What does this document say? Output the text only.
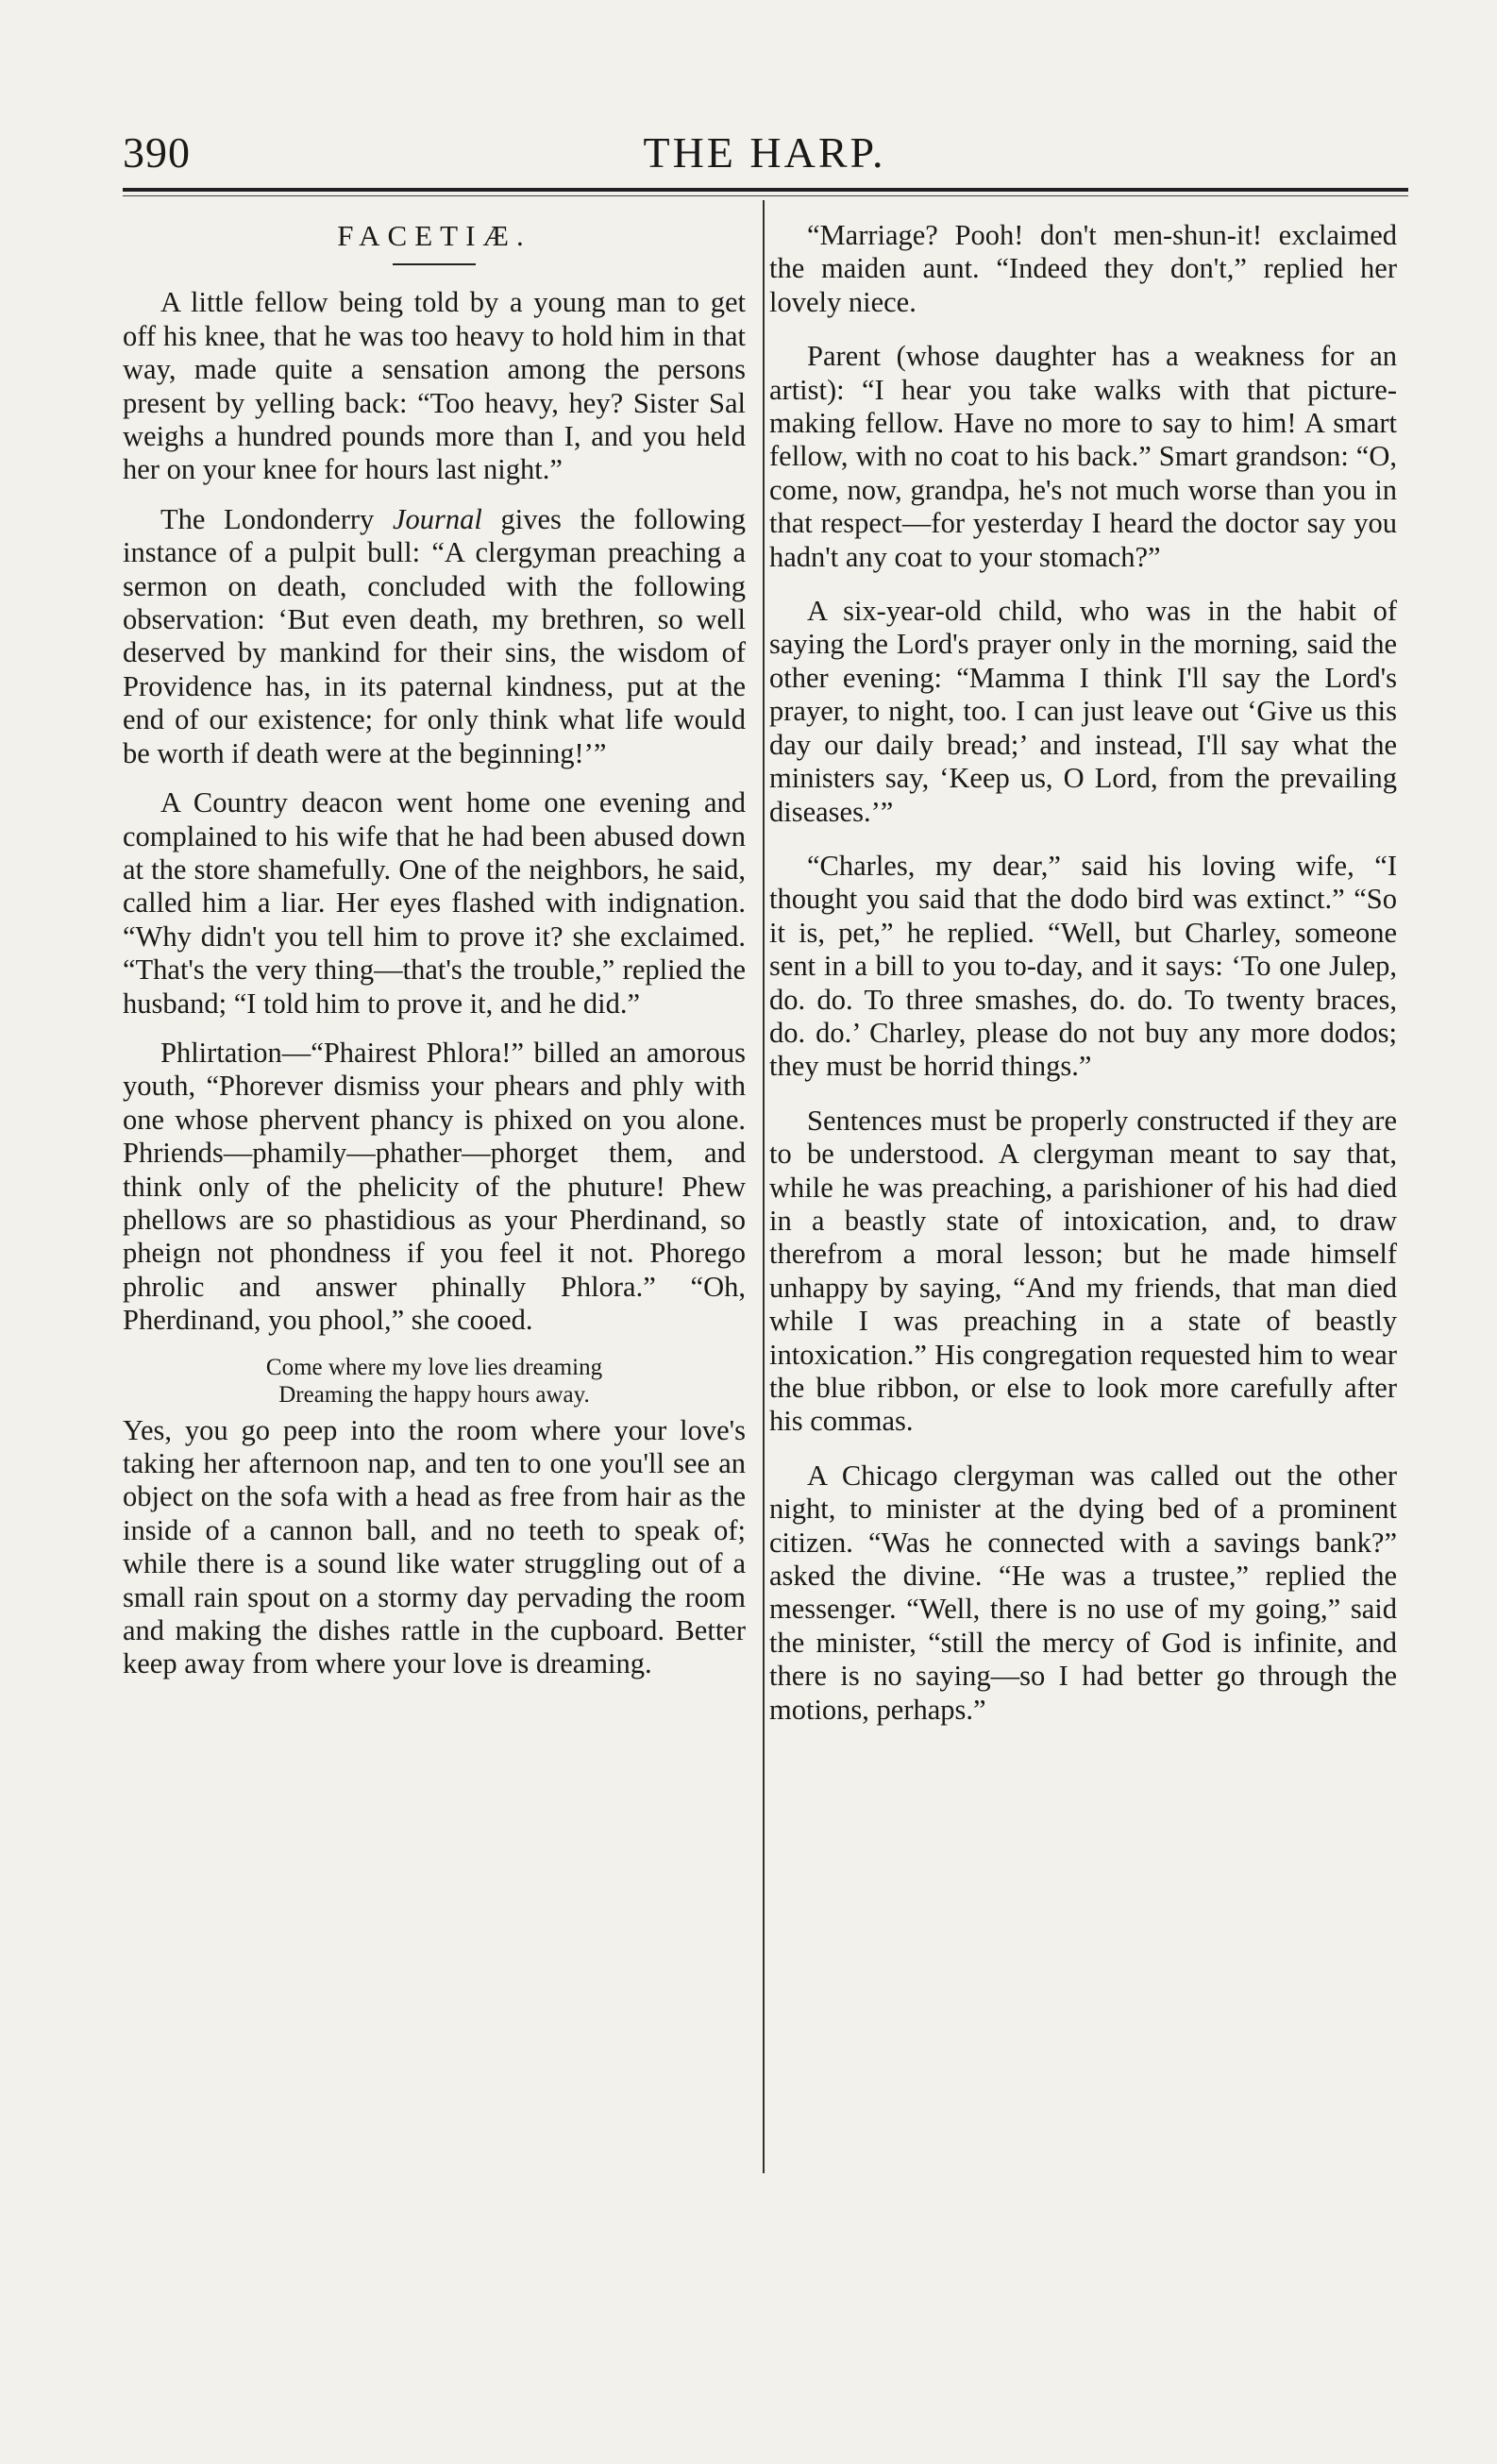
390	THE HARP.
FACETIÆ.

A little fellow being told by a young man to get off his knee, that he was too heavy to hold him in that way, made quite a sensation among the persons present by yelling back: “Too heavy, hey? Sister Sal weighs a hundred pounds more than I, and you held her on your knee for hours last night.”

The Londonderry Journal gives the following instance of a pulpit bull: “A clergyman preaching a sermon on death, concluded with the following observation: ‘But even death, my brethren, so well deserved by mankind for their sins, the wisdom of Providence has, in its paternal kindness, put at the end of our existence; for only think what life would be worth if death were at the beginning!’”

A Country deacon went home one evening and complained to his wife that he had been abused down at the store shamefully. One of the neighbors, he said, called him a liar. Her eyes flashed with indignation. “Why didn't you tell him to prove it? she exclaimed. “That's the very thing—that's the trouble,” replied the husband; “I told him to prove it, and he did.”

Phlirtation—“Phairest Phlora!” billed an amorous youth, “Phorever dismiss your phears and phly with one whose phervent phancy is phixed on you alone. Phriends—phamily—phather—phorget them, and think only of the phelicity of the phuture! Phew phellows are so phastidious as your Pherdinand, so pheign not phondness if you feel it not. Phorego phrolic and answer phinally Phlora.” “Oh, Pherdinand, you phool,” she cooed.

Come where my love lies dreaming
Dreaming the happy hours away.

Yes, you go peep into the room where your love's taking her afternoon nap, and ten to one you'll see an object on the sofa with a head as free from hair as the inside of a cannon ball, and no teeth to speak of; while there is a sound like water struggling out of a small rain spout on a stormy day pervading the room and making the dishes rattle in the cupboard. Better keep away from where your love is dreaming.

“Marriage? Pooh! don't men-shun-it! exclaimed the maiden aunt. “Indeed they don't,” replied her lovely niece.

Parent (whose daughter has a weakness for an artist): “I hear you take walks with that picture-making fellow. Have no more to say to him! A smart fellow, with no coat to his back.” Smart grandson: “O, come, now, grandpa, he's not much worse than you in that respect—for yesterday I heard the doctor say you hadn't any coat to your stomach?”

A six-year-old child, who was in the habit of saying the Lord's prayer only in the morning, said the other evening: “Mamma I think I'll say the Lord's prayer, to night, too. I can just leave out ‘Give us this day our daily bread;’ and instead, I'll say what the ministers say, ‘Keep us, O Lord, from the prevailing diseases.’”

“Charles, my dear,” said his loving wife, “I thought you said that the dodo bird was extinct.” “So it is, pet,” he replied. “Well, but Charley, someone sent in a bill to you to-day, and it says: ‘To one Julep, do. do. To three smashes, do. do. To twenty braces, do. do.’ Charley, please do not buy any more dodos; they must be horrid things.”

Sentences must be properly constructed if they are to be understood. A clergyman meant to say that, while he was preaching, a parishioner of his had died in a beastly state of intoxication, and, to draw therefrom a moral lesson; but he made himself unhappy by saying, “And my friends, that man died while I was preaching in a state of beastly intoxication.” His congregation requested him to wear the blue ribbon, or else to look more carefully after his commas.

A Chicago clergyman was called out the other night, to minister at the dying bed of a prominent citizen. “Was he connected with a savings bank?” asked the divine. “He was a trustee,” replied the messenger. “Well, there is no use of my going,” said the minister, “still the mercy of God is infinite, and there is no saying—so I had better go through the motions, perhaps.”
